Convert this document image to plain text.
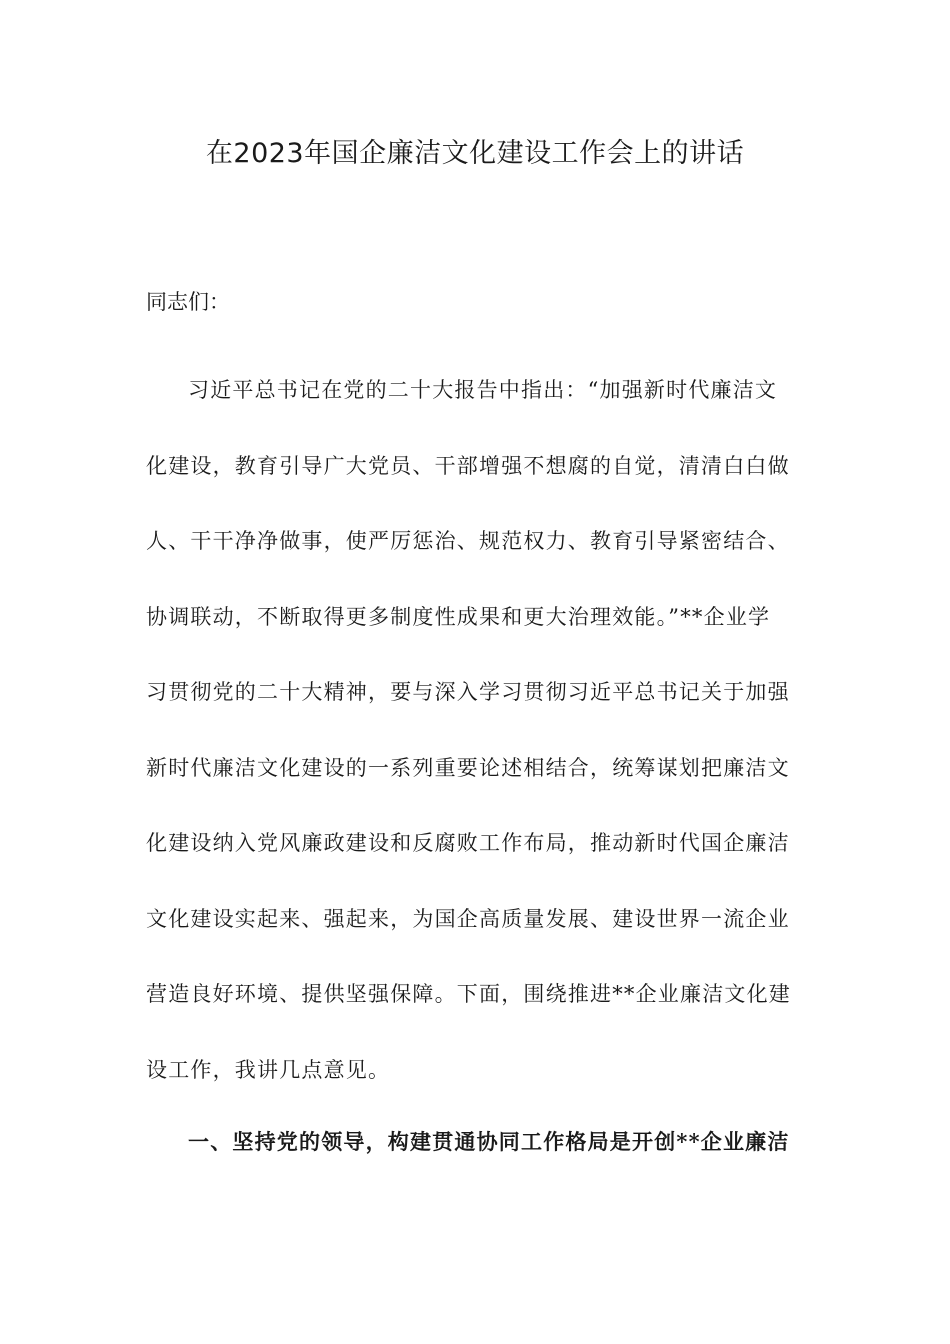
在2023年国企廉洁文化建设工作会上的讲话
同志们：
习近平总书记在党的二十大报告中指出：“加强新时代廉洁文
化建设，教育引导广大党员、干部增强不想腐的自觉，清清白白做
人、干干净净做事，使严厉惩治、规范权力、教育引导紧密结合、
协调联动，不断取得更多制度性成果和更大治理效能。”**企业学
习贯彻党的二十大精神，要与深入学习贯彻习近平总书记关于加强
新时代廉洁文化建设的一系列重要论述相结合，统筹谋划把廉洁文
化建设纳入党风廉政建设和反腐败工作布局，推动新时代国企廉洁
文化建设实起来、强起来，为国企高质量发展、建设世界一流企业
营造良好环境、提供坚强保障。下面，围绕推进**企业廉洁文化建
设工作，我讲几点意见。
一、坚持党的领导，构建贯通协同工作格局是开创**企业廉洁
